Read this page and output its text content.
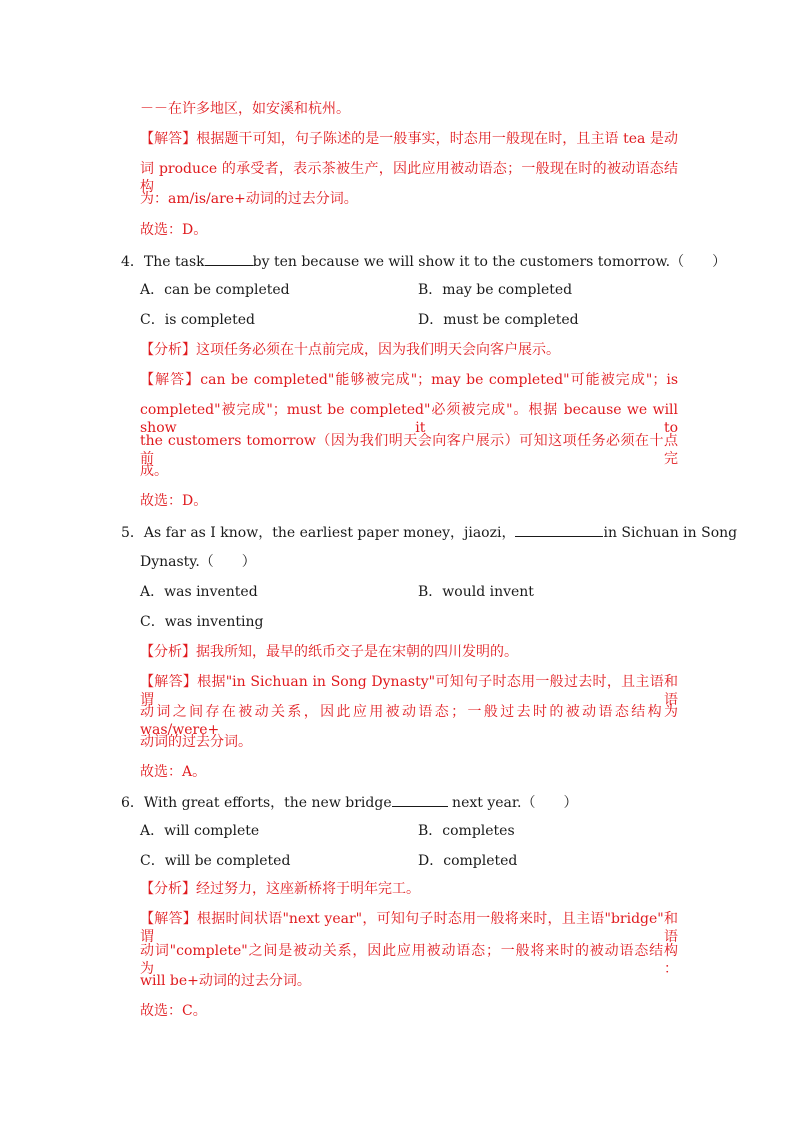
－－在许多地区，如安溪和杭州。
【解答】根据题干可知，句子陈述的是一般事实，时态用一般现在时，且主语 tea 是动
词 produce 的承受者，表示茶被生产，因此应用被动语态；一般现在时的被动语态结构
为：am/is/are+动词的过去分词。
故选：D。
4．The task	by ten because we will show it to the customers tomorrow.（　　）
A．can be completed	B．may be completed
C．is completed	D．must be completed
【分析】这项任务必须在十点前完成，因为我们明天会向客户展示。
【解答】can be completed"能够被完成"；may be completed"可能被完成"；is
completed"被完成"；must be completed"必须被完成"。根据 because we will show it to
the customers tomorrow（因为我们明天会向客户展示）可知这项任务必须在十点前完
成。
故选：D。
5．As far as I know，the earliest paper money，jiaozi，	in Sichuan in Song
Dynasty.（　　）
A．was invented	B．would invent
C．was inventing
【分析】据我所知，最早的纸币交子是在宋朝的四川发明的。
【解答】根据"in Sichuan in Song Dynasty"可知句子时态用一般过去时，且主语和谓语
动词之间存在被动关系，因此应用被动语态；一般过去时的被动语态结构为 was/were+
动词的过去分词。
故选：A。
6．With great efforts，the new bridge	next year.（　　）
A．will complete	B．completes
C．will be completed	D．completed
【分析】经过努力，这座新桥将于明年完工。
【解答】根据时间状语"next year"，可知句子时态用一般将来时，且主语"bridge"和谓语
动词"complete"之间是被动关系，因此应用被动语态；一般将来时的被动语态结构为：
will be+动词的过去分词。
故选：C。
